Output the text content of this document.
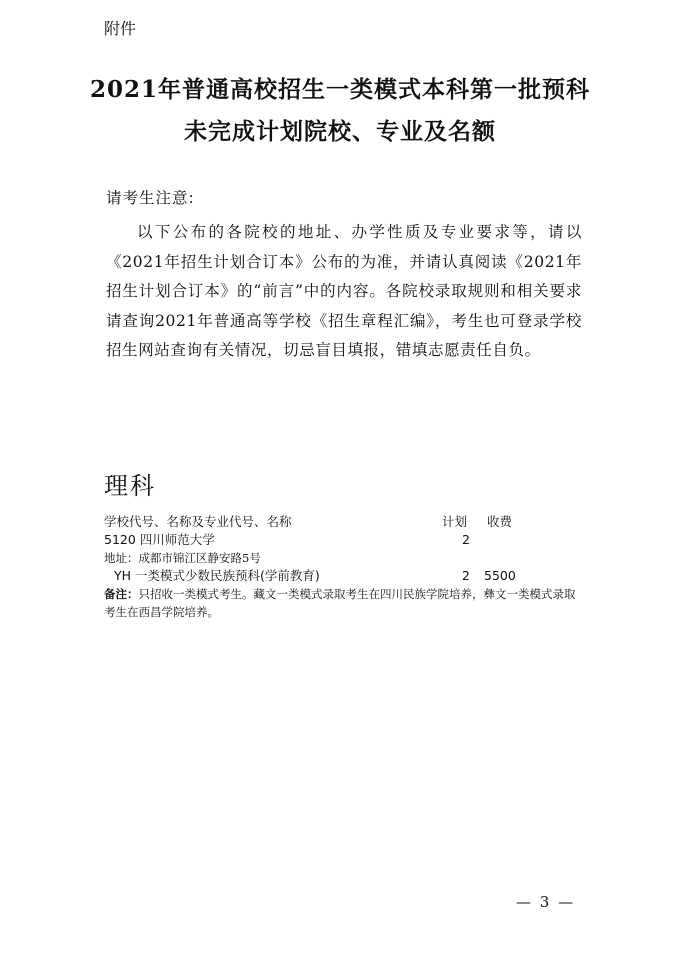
附件
2021年普通高校招生一类模式本科第一批预科
未完成计划院校、专业及名额
请考生注意:

以下公布的各院校的地址、办学性质及专业要求等，请以《2021年招生计划合订本》公布的为准，并请认真阅读《2021年招生计划合订本》的“前言”中的内容。各院校录取规则和相关要求请查询2021年普通高等学校《招生章程汇编》，考生也可登录学校招生网站查询有关情况，切忌盲目填报，错填志愿责任自负。

理科
学校代号、名称及专业代号、名称	计划 收费
5120 四川师范大学	2
地址：成都市锦江区静安路5号
YH 一类模式少数民族预科(学前教育)	2 5500
备注：只招收一类模式考生。藏文一类模式录取考生在四川民族学院培养，彝文一类模式录取考生在西昌学院培养。
— 3 —
